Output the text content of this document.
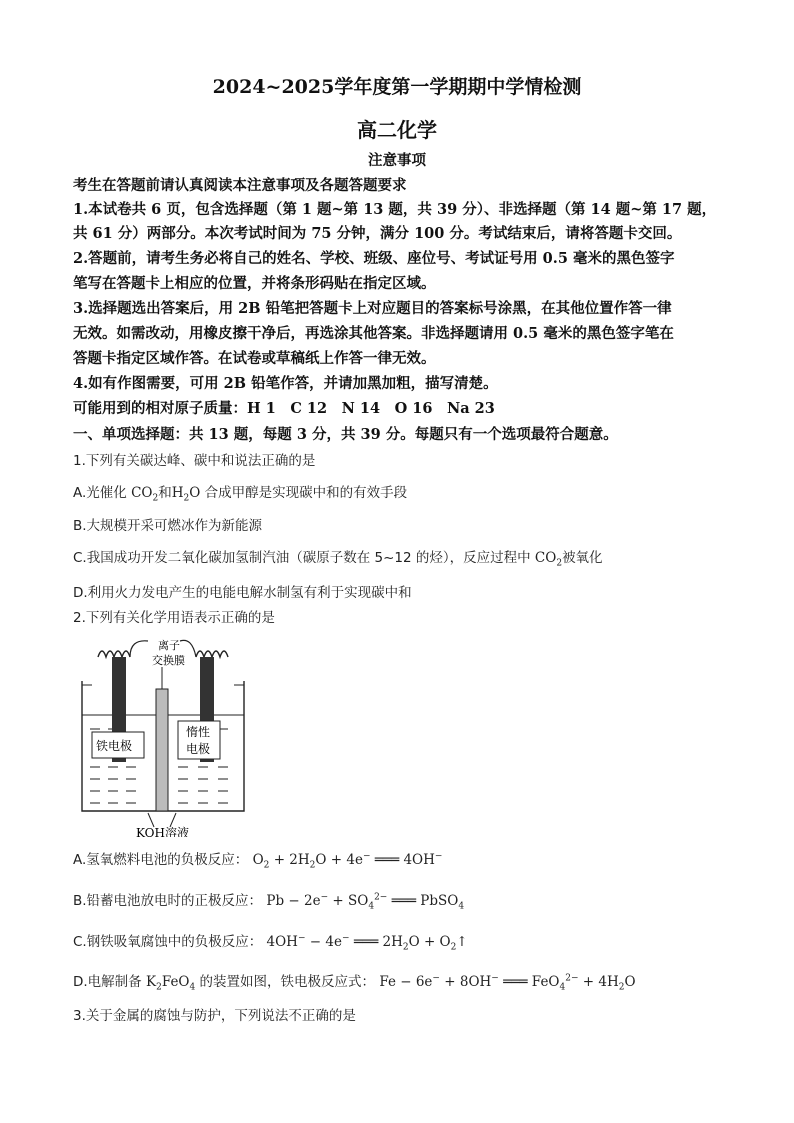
2024~2025学年度第一学期期中学情检测
高二化学
注意事项
考生在答题前请认真阅读本注意事项及各题答题要求
1.本试卷共 6 页，包含选择题（第 1 题~第 13 题，共 39 分）、非选择题（第 14 题~第 17 题，
共 61 分）两部分。本次考试时间为 75 分钟，满分 100 分。考试结束后，请将答题卡交回。
2.答题前，请考生务必将自己的姓名、学校、班级、座位号、考试证号用 0.5 毫米的黑色签字
笔写在答题卡上相应的位置，并将条形码贴在指定区域。
3.选择题选出答案后，用 2B 铅笔把答题卡上对应题目的答案标号涂黑，在其他位置作答一律
无效。如需改动，用橡皮擦干净后，再选涂其他答案。非选择题请用 0.5 毫米的黑色签字笔在
答题卡指定区域作答。在试卷或草稿纸上作答一律无效。
4.如有作图需要，可用 2B 铅笔作答，并请加黑加粗，描写清楚。
可能用到的相对原子质量：H 1　C 12　N 14　O 16　Na 23
一、单项选择题：共 13 题，每题 3 分，共 39 分。每题只有一个选项最符合题意。
1.下列有关碳达峰、碳中和说法正确的是
A.光催化 $CO_2$和$H_2O$ 合成甲醇是实现碳中和的有效手段
B.大规模开采可燃冰作为新能源
C.我国成功开发二氧化碳加氢制汽油（碳原子数在 5~12 的烃），反应过程中 $CO_2$被氧化
D.利用火力发电产生的电能电解水制氢有利于实现碳中和
2.下列有关化学用语表示正确的是
离子
交换膜
铁电极
惰性
电极
KOH溶液
A.氢氧燃料电池的负极反应： $O_2 + 2H_2O + 4e^-$ ═══ 4OH−
B.铅蓄电池放电时的正极反应： $Pb - 2e^- + SO_4^{2-}$ ═══ PbSO$_4$
C.钢铁吸氧腐蚀中的负极反应： 4OH− − 4e− ═══ $2H_2O$ + $O_2↑$
D.电解制备 $K_2FeO_4$ 的装置如图，铁电极反应式： Fe − 6e− + 8OH− ═══ $FeO_4^{2-} + 4H_2O$
3.关于金属的腐蚀与防护，下列说法不正确的是
